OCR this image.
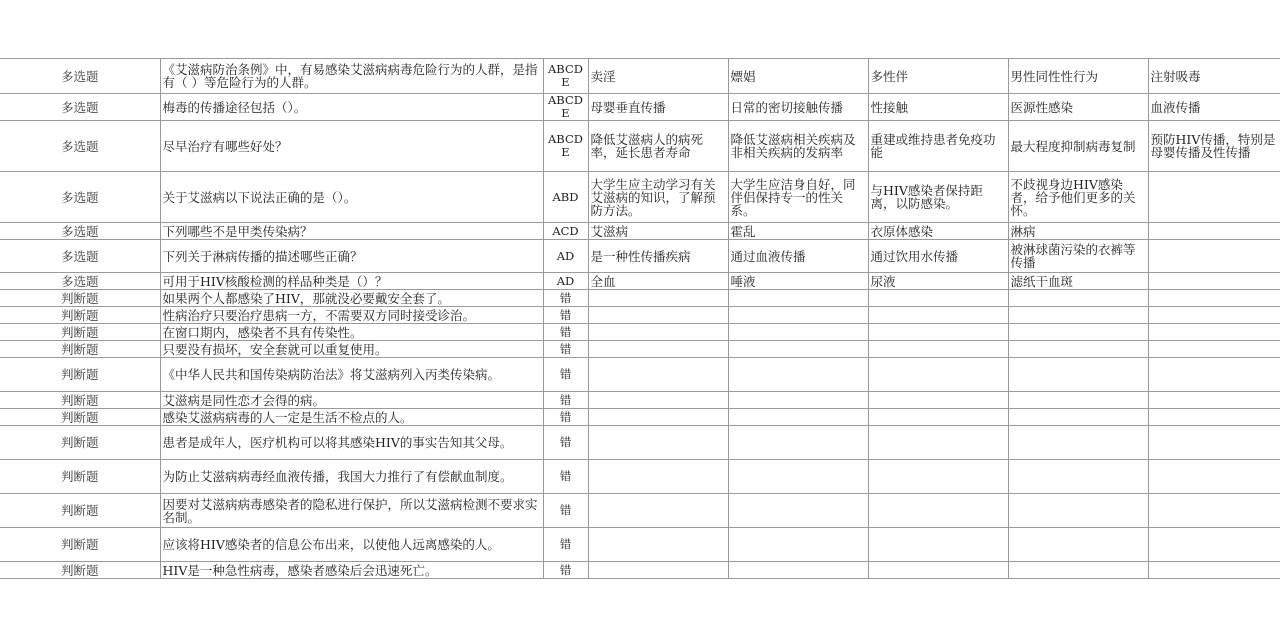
多选题	《艾滋病防治条例》中，有易感染艾滋病病毒危险行为的人群，是指有（ ）等危险行为的人群。	ABCDE	卖淫	嫖娼	多性伴	男性同性性行为	注射吸毒
多选题	梅毒的传播途径包括（）。	ABCDE	母婴垂直传播	日常的密切接触传播	性接触	医源性感染	血液传播
多选题	尽早治疗有哪些好处？	ABCDE	降低艾滋病人的病死率，延长患者寿命	降低艾滋病相关疾病及非相关疾病的发病率	重建或维持患者免疫功能	最大程度抑制病毒复制	预防HIV传播，特别是母婴传播及性传播
多选题	关于艾滋病以下说法正确的是（）。	ABD	大学生应主动学习有关艾滋病的知识，了解预防方法。	大学生应洁身自好，同伴侣保持专一的性关系。	与HIV感染者保持距离，以防感染。	不歧视身边HIV感染者，给予他们更多的关怀。	
多选题	下列哪些不是甲类传染病？	ACD	艾滋病	霍乱	衣原体感染	淋病	
多选题	下列关于淋病传播的描述哪些正确？	AD	是一种性传播疾病	通过血液传播	通过饮用水传播	被淋球菌污染的衣裤等传播	
多选题	可用于HIV核酸检测的样品种类是（）？	AD	全血	唾液	尿液	滤纸干血斑	
判断题	如果两个人都感染了HIV，那就没必要戴安全套了。	错					
判断题	性病治疗只要治疗患病一方，不需要双方同时接受诊治。	错					
判断题	在窗口期内，感染者不具有传染性。	错					
判断题	只要没有损坏，安全套就可以重复使用。	错					
判断题	《中华人民共和国传染病防治法》将艾滋病列入丙类传染病。	错					
判断题	艾滋病是同性恋才会得的病。	错					
判断题	感染艾滋病病毒的人一定是生活不检点的人。	错					
判断题	患者是成年人，医疗机构可以将其感染HIV的事实告知其父母。	错					
判断题	为防止艾滋病病毒经血液传播，我国大力推行了有偿献血制度。	错					
判断题	因要对艾滋病病毒感染者的隐私进行保护，所以艾滋病检测不要求实名制。	错					
判断题	应该将HIV感染者的信息公布出来，以使他人远离感染的人。	错					
判断题	HIV是一种急性病毒，感染者感染后会迅速死亡。	错					
